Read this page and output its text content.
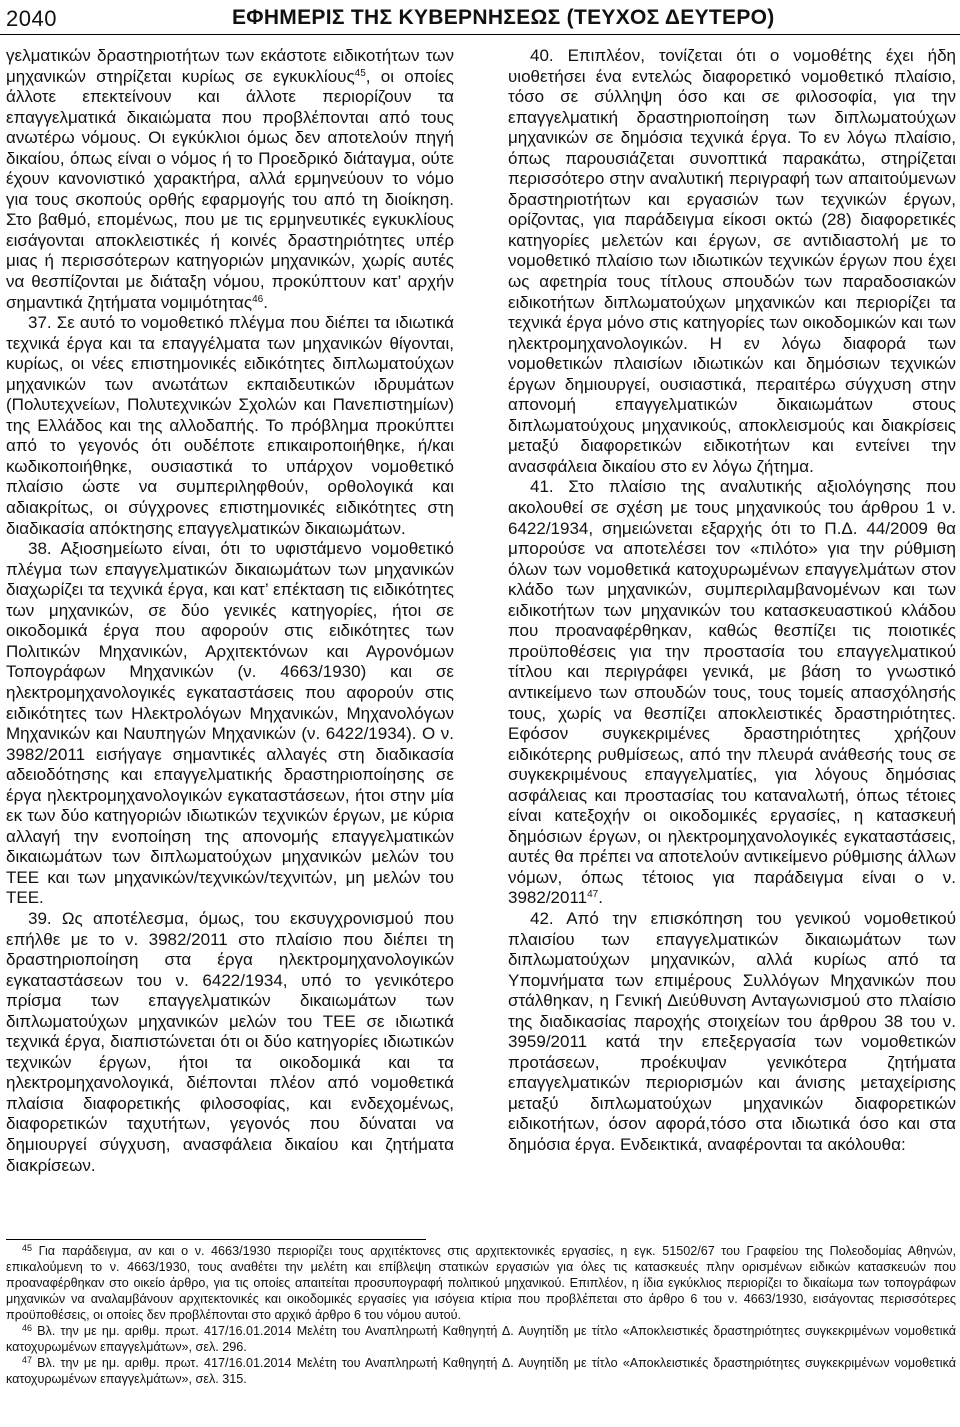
2040	ΕΦΗΜΕΡΙΣ ΤΗΣ ΚΥΒΕΡΝΗΣΕΩΣ (ΤΕΥΧΟΣ ΔΕΥΤΕΡΟ)

γελματικών δραστηριοτήτων των εκάστοτε ειδικοτήτων των μηχανικών στηρίζεται κυρίως σε εγκυκλίους$^{45}$, οι οποίες άλλοτε επεκτείνουν και άλλοτε περιορίζουν τα επαγγελματικά δικαιώματα που προβλέπονται από τους ανωτέρω νόμους. Οι εγκύκλιοι όμως δεν αποτελούν πηγή δικαίου, όπως είναι ο νόμος ή το Προεδρικό διάταγμα, ούτε έχουν κανονιστικό χαρακτήρα, αλλά ερμηνεύουν το νόμο για τους σκοπούς ορθής εφαρμογής του από τη διοίκηση. Στο βαθμό, επομένως, που με τις ερμηνευτικές εγκυκλίους εισάγονται αποκλειστικές ή κοινές δραστηριότητες υπέρ μιας ή περισσότερων κατηγοριών μηχανικών, χωρίς αυτές να θεσπίζονται με διάταξη νόμου, προκύπτουν κατ’ αρχήν σημαντικά ζητήματα νομιμότητας$^{46}$.

37. Σε αυτό το νομοθετικό πλέγμα που διέπει τα ιδιωτικά τεχνικά έργα και τα επαγγέλματα των μηχανικών θίγονται, κυρίως, οι νέες επιστημονικές ειδικότητες διπλωματούχων μηχανικών των ανωτάτων εκπαιδευτικών ιδρυμάτων (Πολυτεχνείων, Πολυτεχνικών Σχολών και Πανεπιστημίων) της Ελλάδος και της αλλοδαπής. Το πρόβλημα προκύπτει από το γεγονός ότι ουδέποτε επικαιροποιήθηκε, ή/και κωδικοποιήθηκε, ουσιαστικά το υπάρχον νομοθετικό πλαίσιο ώστε να συμπεριληφθούν, ορθολογικά και αδιακρίτως, οι σύγχρονες επιστημονικές ειδικότητες στη διαδικασία απόκτησης επαγγελματικών δικαιωμάτων.

38. Αξιοσημείωτο είναι, ότι το υφιστάμενο νομοθετικό πλέγμα των επαγγελματικών δικαιωμάτων των μηχανικών διαχωρίζει τα τεχνικά έργα, και κατ’ επέκταση τις ειδικότητες των μηχανικών, σε δύο γενικές κατηγορίες, ήτοι σε οικοδομικά έργα που αφορούν στις ειδικότητες των Πολιτικών Μηχανικών, Αρχιτεκτόνων και Αγρονόμων Τοπογράφων Μηχανικών (ν. 4663/1930) και σε ηλεκτρομηχανολογικές εγκαταστάσεις που αφορούν στις ειδικότητες των Ηλεκτρολόγων Μηχανικών, Μηχανολόγων Μηχανικών και Ναυπηγών Μηχανικών (ν. 6422/1934). Ο ν. 3982/2011 εισήγαγε σημαντικές αλλαγές στη διαδικασία αδειοδότησης και επαγγελματικής δραστηριοποίησης σε έργα ηλεκτρομηχανολογικών εγκαταστάσεων, ήτοι στην μία εκ των δύο κατηγοριών ιδιωτικών τεχνικών έργων, με κύρια αλλαγή την ενοποίηση της απονομής επαγγελματικών δικαιωμάτων των διπλωματούχων μηχανικών μελών του ΤΕΕ και των μηχανικών/τεχνικών/τεχνιτών, μη μελών του ΤΕΕ.

39. Ως αποτέλεσμα, όμως, του εκσυγχρονισμού που επήλθε με το ν. 3982/2011 στο πλαίσιο που διέπει τη δραστηριοποίηση στα έργα ηλεκτρομηχανολογικών εγκαταστάσεων του ν. 6422/1934, υπό το γενικότερο πρίσμα των επαγγελματικών δικαιωμάτων των διπλωματούχων μηχανικών μελών του ΤΕΕ σε ιδιωτικά τεχνικά έργα, διαπιστώνεται ότι οι δύο κατηγορίες ιδιωτικών τεχνικών έργων, ήτοι τα οικοδομικά και τα ηλεκτρομηχανολογικά, διέπονται πλέον από νομοθετικά πλαίσια διαφορετικής φιλοσοφίας, και ενδεχομένως, διαφορετικών ταχυτήτων, γεγονός που δύναται να δημιουργεί σύγχυση, ανασφάλεια δικαίου και ζητήματα διακρίσεων.

40. Επιπλέον, τονίζεται ότι ο νομοθέτης έχει ήδη υιοθετήσει ένα εντελώς διαφορετικό νομοθετικό πλαίσιο, τόσο σε σύλληψη όσο και σε φιλοσοφία, για την επαγγελματική δραστηριοποίηση των διπλωματούχων μηχανικών σε δημόσια τεχνικά έργα. Το εν λόγω πλαίσιο, όπως παρουσιάζεται συνοπτικά παρακάτω, στηρίζεται περισσότερο στην αναλυτική περιγραφή των απαιτούμενων δραστηριοτήτων και εργασιών των τεχνικών έργων, ορίζοντας, για παράδειγμα είκοσι οκτώ (28) διαφορετικές κατηγορίες μελετών και έργων, σε αντιδιαστολή με το νομοθετικό πλαίσιο των ιδιωτικών τεχνικών έργων που έχει ως αφετηρία τους τίτλους σπουδών των παραδοσιακών ειδικοτήτων διπλωματούχων μηχανικών και περιορίζει τα τεχνικά έργα μόνο στις κατηγορίες των οικοδομικών και των ηλεκτρομηχανολογικών. Η εν λόγω διαφορά των νομοθετικών πλαισίων ιδιωτικών και δημόσιων τεχνικών έργων δημιουργεί, ουσιαστικά, περαιτέρω σύγχυση στην απονομή επαγγελματικών δικαιωμάτων στους διπλωματούχους μηχανικούς, αποκλεισμούς και διακρίσεις μεταξύ διαφορετικών ειδικοτήτων και εντείνει την ανασφάλεια δικαίου στο εν λόγω ζήτημα.

41. Στο πλαίσιο της αναλυτικής αξιολόγησης που ακολουθεί σε σχέση με τους μηχανικούς του άρθρου 1 ν. 6422/1934, σημειώνεται εξαρχής ότι το Π.Δ. 44/2009 θα μπορούσε να αποτελέσει τον «πιλότο» για την ρύθμιση όλων των νομοθετικά κατοχυρωμένων επαγγελμάτων στον κλάδο των μηχανικών, συμπεριλαμβανομένων και των ειδικοτήτων των μηχανικών του κατασκευαστικού κλάδου που προαναφέρθηκαν, καθώς θεσπίζει τις ποιοτικές προϋποθέσεις για την προστασία του επαγγελματικού τίτλου και περιγράφει γενικά, με βάση το γνωστικό αντικείμενο των σπουδών τους, τους τομείς απασχόλησής τους, χωρίς να θεσπίζει αποκλειστικές δραστηριότητες. Εφόσον συγκεκριμένες δραστηριότητες χρήζουν ειδικότερης ρυθμίσεως, από την πλευρά ανάθεσής τους σε συγκεκριμένους επαγγελματίες, για λόγους δημόσιας ασφάλειας και προστασίας του καταναλωτή, όπως τέτοιες είναι κατεξοχήν οι οικοδομικές εργασίες, η κατασκευή δημόσιων έργων, οι ηλεκτρομηχανολογικές εγκαταστάσεις, αυτές θα πρέπει να αποτελούν αντικείμενο ρύθμισης άλλων νόμων, όπως τέτοιος για παράδειγμα είναι ο ν. 3982/2011$^{47}$.

42. Από την επισκόπηση του γενικού νομοθετικού πλαισίου των επαγγελματικών δικαιωμάτων των διπλωματούχων μηχανικών, αλλά κυρίως από τα Υπομνήματα των επιμέρους Συλλόγων Μηχανικών που στάλθηκαν, η Γενική Διεύθυνση Ανταγωνισμού στο πλαίσιο της διαδικασίας παροχής στοιχείων του άρθρου 38 του ν. 3959/2011 κατά την επεξεργασία των νομοθετικών προτάσεων, προέκυψαν γενικότερα ζητήματα επαγγελματικών περιορισμών και άνισης μεταχείρισης μεταξύ διπλωματούχων μηχανικών διαφορετικών ειδικοτήτων, όσον αφορά,τόσο στα ιδιωτικά όσο και στα δημόσια έργα. Ενδεικτικά, αναφέρονται τα ακόλουθα:

$^{45}$ Για παράδειγμα, αν και ο ν. 4663/1930 περιορίζει τους αρχιτέκτονες στις αρχιτεκτονικές εργασίες, η εγκ. 51502/67 του Γραφείου της Πολεοδομίας Αθηνών, επικαλούμενη το ν. 4663/1930, τους αναθέτει την μελέτη και επίβλεψη στατικών εργασιών για όλες τις κατασκευές πλην ορισμένων ειδικών κατασκευών που προαναφέρθηκαν στο οικείο άρθρο, για τις οποίες απαιτείται προσυπογραφή πολιτικού μηχανικού. Επιπλέον, η ίδια εγκύκλιος περιορίζει το δικαίωμα των τοπογράφων μηχανικών να αναλαμβάνουν αρχιτεκτονικές και οικοδομικές εργασίες για ισόγεια κτίρια που προβλέπεται στο άρθρο 6 του ν. 4663/1930, εισάγοντας περισσότερες προϋποθέσεις, οι οποίες δεν προβλέπονται στο αρχικό άρθρο 6 του νόμου αυτού.

$^{46}$ Βλ. την με ημ. αριθμ. πρωτ. 417/16.01.2014 Μελέτη του Αναπληρωτή Καθηγητή Δ. Αυγητίδη με τίτλο «Αποκλειστικές δραστηριότητες συγκεκριμένων νομοθετικά κατοχυρωμένων επαγγελμάτων», σελ. 296.

$^{47}$ Βλ. την με ημ. αριθμ. πρωτ. 417/16.01.2014 Μελέτη του Αναπληρωτή Καθηγητή Δ. Αυγητίδη με τίτλο «Αποκλειστικές δραστηριότητες συγκεκριμένων νομοθετικά κατοχυρωμένων επαγγελμάτων», σελ. 315.
